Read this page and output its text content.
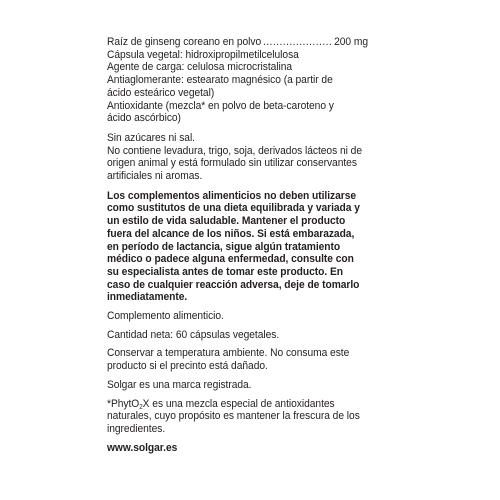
Raíz de ginseng coreano en polvo
.....	200 mg

Cápsula vegetal: hidroxipropilmetilcelulosa

Agente de carga: celulosa microcristalina

Antiaglomerante: estearato magnésico (a partir de
ácido esteárico vegetal)

Antioxidante (mezcla* en polvo de beta-caroteno y
ácido ascórbico)

Sin azúcares ni sal.

No contiene levadura, trigo, soja, derivados lácteos ni de origen animal y está formulado sin utilizar conservantes artificiales ni aromas.

Los complementos alimenticios no deben utilizarse como sustitutos de una dieta equilibrada y variada y un estilo de vida saludable. Mantener el producto fuera del alcance de los niños. Si está embarazada, en período de lactancia, sigue algún tratamiento médico o padece alguna enfermedad, consulte con su especialista antes de tomar este producto. En caso de cualquier reacción adversa, deje de tomarlo inmediatamente.

Complemento alimenticio.

Cantidad neta: 60 cápsulas vegetales.

Conservar a temperatura ambiente. No consuma este producto si el precinto está dañado.

Solgar es una marca registrada.

*PhytO$_2$X es una mezcla especial de antioxidantes naturales, cuyo propósito es mantener la frescura de los ingredientes.

www.solgar.es
